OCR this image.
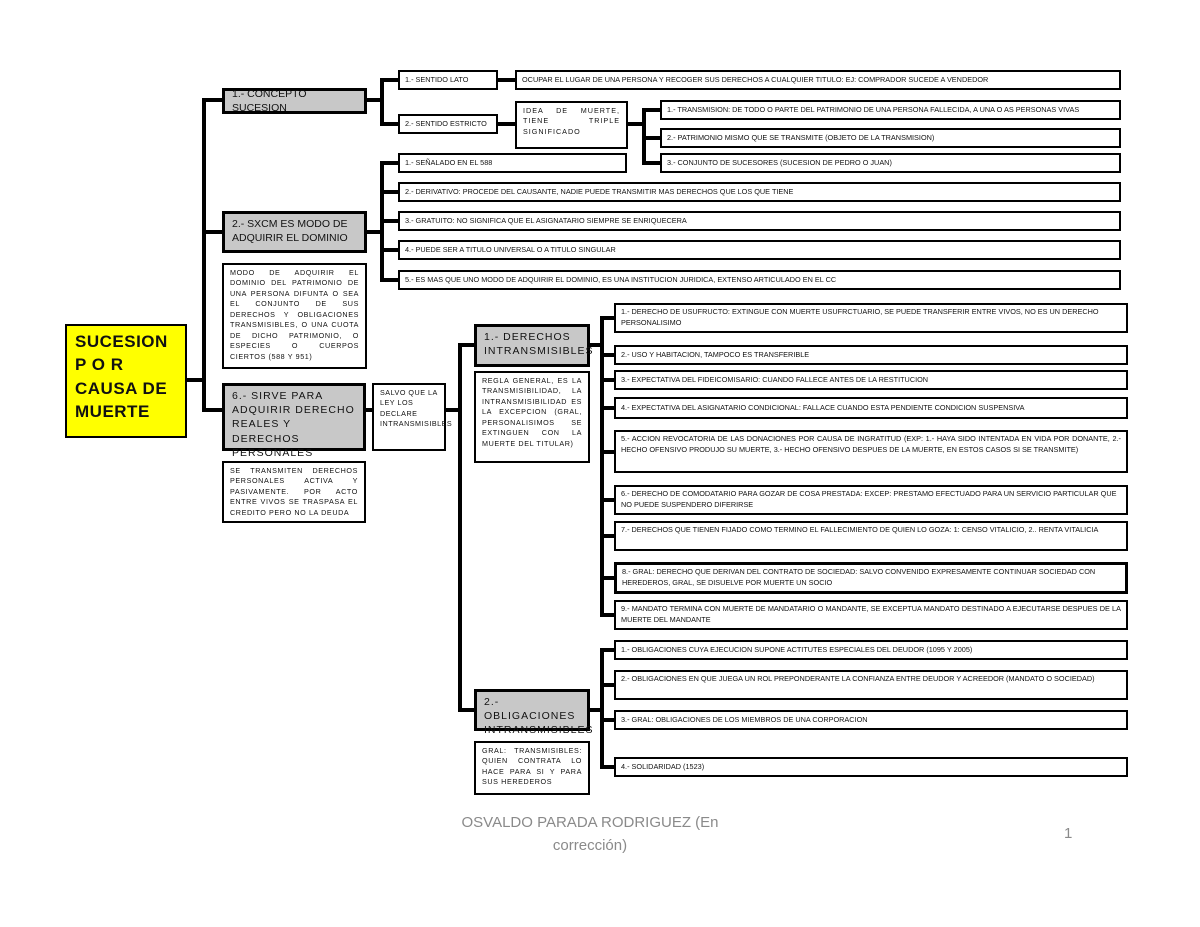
SUCESION P O R CAUSA DE MUERTE
1.- CONCEPTO SUCESION
1.- SENTIDO LATO	OCUPAR EL LUGAR DE UNA PERSONA Y RECOGER SUS DERECHOS A CUALQUIER TITULO: EJ: COMPRADOR SUCEDE A VENDEDOR
2.- SENTIDO ESTRICTO
IDEA DE MUERTE, TIENE TRIPLE SIGNIFICADO
1.- TRANSMISION: DE TODO O PARTE DEL PATRIMONIO DE UNA PERSONA FALLECIDA, A UNA O AS PERSONAS VIVAS
2.- PATRIMONIO MISMO QUE SE TRANSMITE (OBJETO DE LA TRANSMISION)
3.- CONJUNTO DE SUCESORES (SUCESION DE PEDRO O JUAN)
2.- SXCM ES MODO DE ADQUIRIR EL DOMINIO
MODO DE ADQUIRIR EL DOMINIO DEL PATRIMONIO DE UNA PERSONA DIFUNTA O SEA EL CONJUNTO DE SUS DERECHOS Y OBLIGACIONES TRANSMISIBLES, O UNA CUOTA DE DICHO PATRIMONIO, O ESPECIES O CUERPOS CIERTOS (588 Y 951)
1.- SEÑALADO EN EL 588
2.- DERIVATIVO: PROCEDE DEL CAUSANTE, NADIE PUEDE TRANSMITIR MAS DERECHOS QUE LOS QUE TIENE
3.- GRATUITO: NO SIGNIFICA QUE EL ASIGNATARIO SIEMPRE SE ENRIQUECERA
4.- PUEDE SER A TITULO UNIVERSAL O A TITULO SINGULAR
5.- ES MAS QUE UNO MODO DE ADQUIRIR EL DOMINIO, ES UNA INSTITUCION JURIDICA, EXTENSO ARTICULADO EN EL CC
6.- SIRVE PARA ADQUIRIR DERECHO REALES Y DERECHOS PERSONALES
SE TRANSMITEN DERECHOS PERSONALES ACTIVA Y PASIVAMENTE. POR ACTO ENTRE VIVOS SE TRASPASA EL CREDITO PERO NO LA DEUDA
SALVO QUE LA LEY LOS DECLARE INTRANSMISIBLES
1.- DERECHOS INTRANSMISIBLES
REGLA GENERAL, ES LA TRANSMISIBILIDAD, LA INTRANSMISIBILIDAD ES LA EXCEPCION (GRAL, PERSONALISIMOS SE EXTINGUEN CON LA MUERTE DEL TITULAR)
1.- DERECHO DE USUFRUCTO: EXTINGUE CON MUERTE USUFRCTUARIO, SE PUEDE TRANSFERIR ENTRE VIVOS, NO ES UN DERECHO PERSONALISIMO
2.- USO Y HABITACION, TAMPOCO ES TRANSFERIBLE
3.- EXPECTATIVA DEL FIDEICOMISARIO: CUANDO FALLECE ANTES DE LA RESTITUCION
4.- EXPECTATIVA DEL ASIGNATARIO CONDICIONAL: FALLACE CUANDO ESTA PENDIENTE CONDICION SUSPENSIVA
5.- ACCION REVOCATORIA DE LAS DONACIONES POR CAUSA DE INGRATITUD (EXP: 1.- HAYA SIDO INTENTADA EN VIDA POR DONANTE, 2.- HECHO OFENSIVO PRODUJO SU MUERTE, 3.- HECHO OFENSIVO DESPUES DE LA MUERTE, EN ESTOS CASOS SI SE TRANSMITE)
6.- DERECHO DE COMODATARIO PARA GOZAR DE COSA PRESTADA: EXCEP: PRESTAMO EFECTUADO PARA UN SERVICIO PARTICULAR QUE NO PUEDE SUSPENDERO DIFERIRSE
7.- DERECHOS QUE TIENEN FIJADO COMO TERMINO EL FALLECIMIENTO DE QUIEN LO GOZA: 1: CENSO VITALICIO, 2.. RENTA VITALICIA
8.- GRAL: DERECHO QUE DERIVAN DEL CONTRATO DE SOCIEDAD: SALVO CONVENIDO EXPRESAMENTE CONTINUAR SOCIEDAD CON HEREDEROS, GRAL, SE DISUELVE POR MUERTE UN SOCIO
9.- MANDATO TERMINA CON MUERTE DE MANDATARIO O MANDANTE, SE EXCEPTUA MANDATO DESTINADO A EJECUTARSE DESPUES DE LA MUERTE DEL MANDANTE
2.- OBLIGACIONES INTRANSMISIBLES
GRAL: TRANSMISIBLES: QUIEN CONTRATA LO HACE PARA SI Y PARA SUS HEREDEROS
1.- OBLIGACIONES CUYA EJECUCION SUPONE ACTITUTES ESPECIALES DEL DEUDOR (1095 Y 2005)
2.- OBLIGACIONES EN QUE JUEGA UN ROL PREPONDERANTE LA CONFIANZA ENTRE DEUDOR Y ACREEDOR (MANDATO O SOCIEDAD)
3.- GRAL: OBLIGACIONES DE LOS MIEMBROS DE UNA CORPORACION
4.- SOLIDARIDAD (1523)
OSVALDO PARADA RODRIGUEZ (En
corrección)
1
